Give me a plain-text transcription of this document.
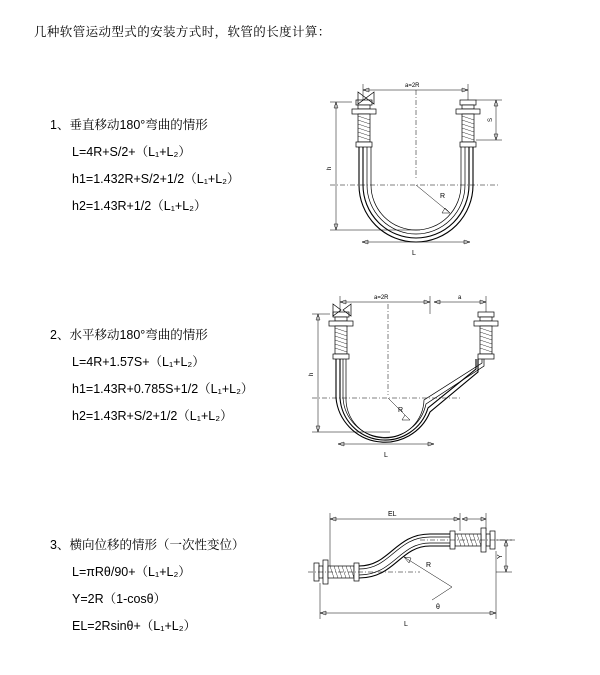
几种软管运动型式的安装方式时，软管的长度计算：
1、垂直移动180°弯曲的情形
L=4R+S/2+（L₁+L₂）
h1=1.432R+S/2+1/2（L₁+L₂）
h2=1.43R+1/2（L₁+L₂）
a=2R
R
h
L
S
2、水平移动180°弯曲的情形
L=4R+1.57S+（L₁+L₂）
h1=1.43R+0.785S+1/2（L₁+L₂）
h2=1.43R+S/2+1/2（L₁+L₂）
a=2R	a
R
h
L
3、横向位移的情形（一次性变位）
L=πRθ/90+（L₁+L₂）
Y=2R（1-cosθ）
EL=2Rsinθ+（L₁+L₂）
EL
R
θ
Y
L
